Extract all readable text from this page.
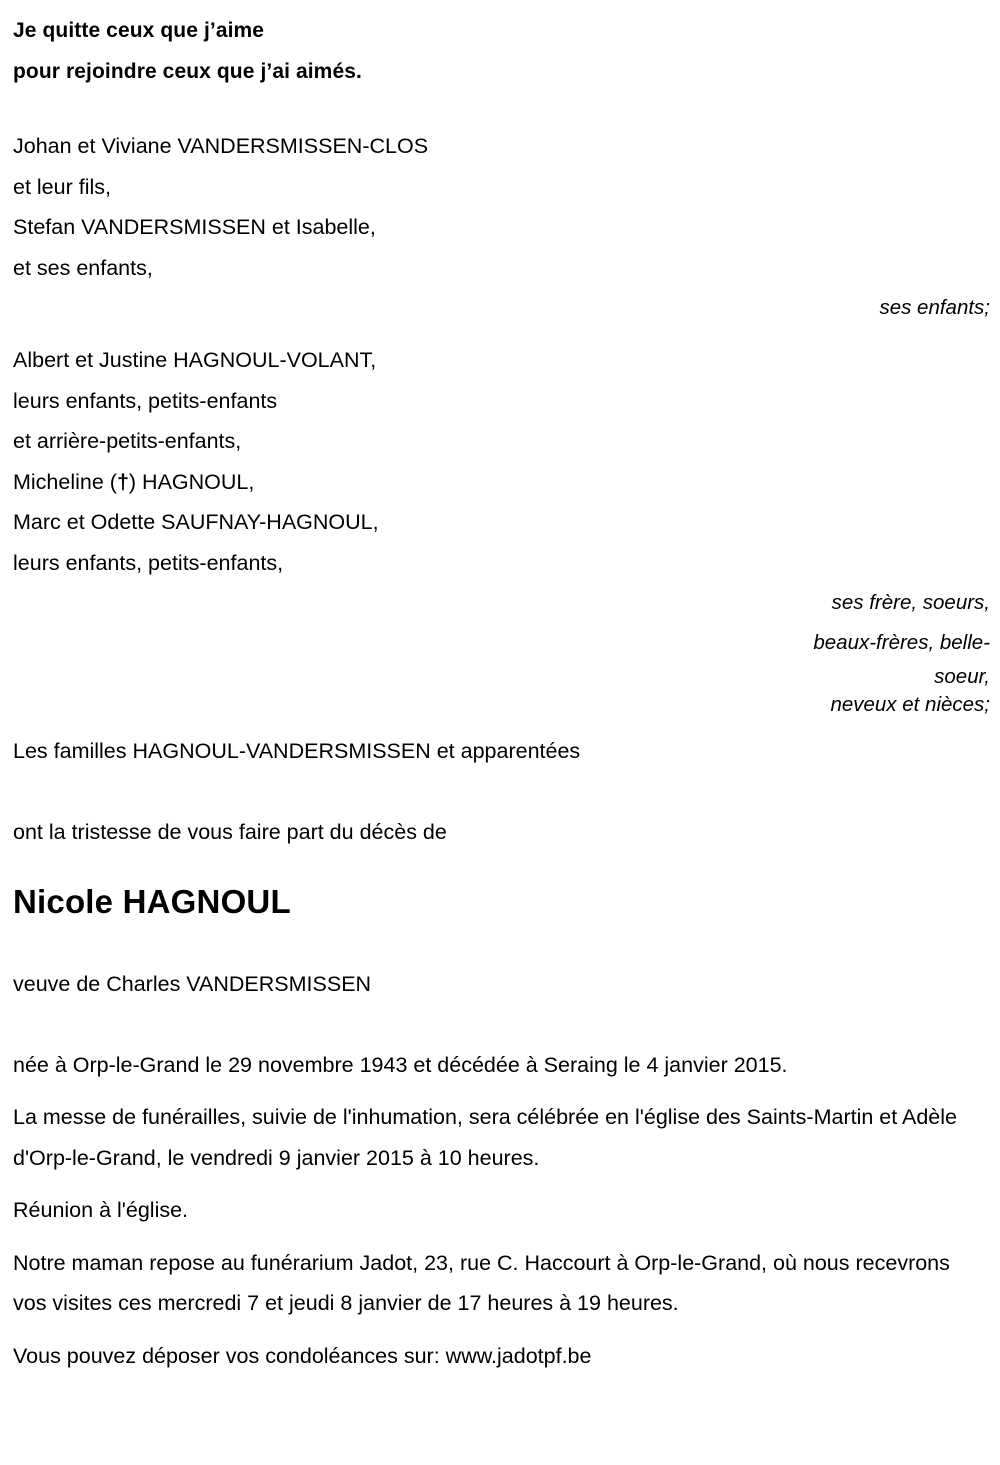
Je quitte ceux que j’aime
pour rejoindre ceux que j’ai aimés.
Johan et Viviane VANDERSMISSEN-CLOS
et leur fils,
Stefan VANDERSMISSEN et Isabelle,
et ses enfants,
ses enfants;
Albert et Justine HAGNOUL-VOLANT,
leurs enfants, petits-enfants
et arrière-petits-enfants,
Micheline (†) HAGNOUL,
Marc et Odette SAUFNAY-HAGNOUL,
leurs enfants, petits-enfants,
ses frère, soeurs,
beaux-frères, belle-
soeur,
neveux et nièces;
Les familles HAGNOUL-VANDERSMISSEN et apparentées
ont la tristesse de vous faire part du décès de
Nicole HAGNOUL
veuve de Charles VANDERSMISSEN
née à Orp-le-Grand le 29 novembre 1943 et décédée à Seraing le 4 janvier 2015.
La messe de funérailles, suivie de l'inhumation, sera célébrée en l'église des Saints-Martin et Adèle d'Orp-le-Grand, le vendredi 9 janvier 2015 à 10 heures.
Réunion à l'église.
Notre maman repose au funérarium Jadot, 23, rue C. Haccourt à Orp-le-Grand, où nous recevrons vos visites ces mercredi 7 et jeudi 8 janvier de 17 heures à 19 heures.
Vous pouvez déposer vos condoléances sur: www.jadotpf.be
